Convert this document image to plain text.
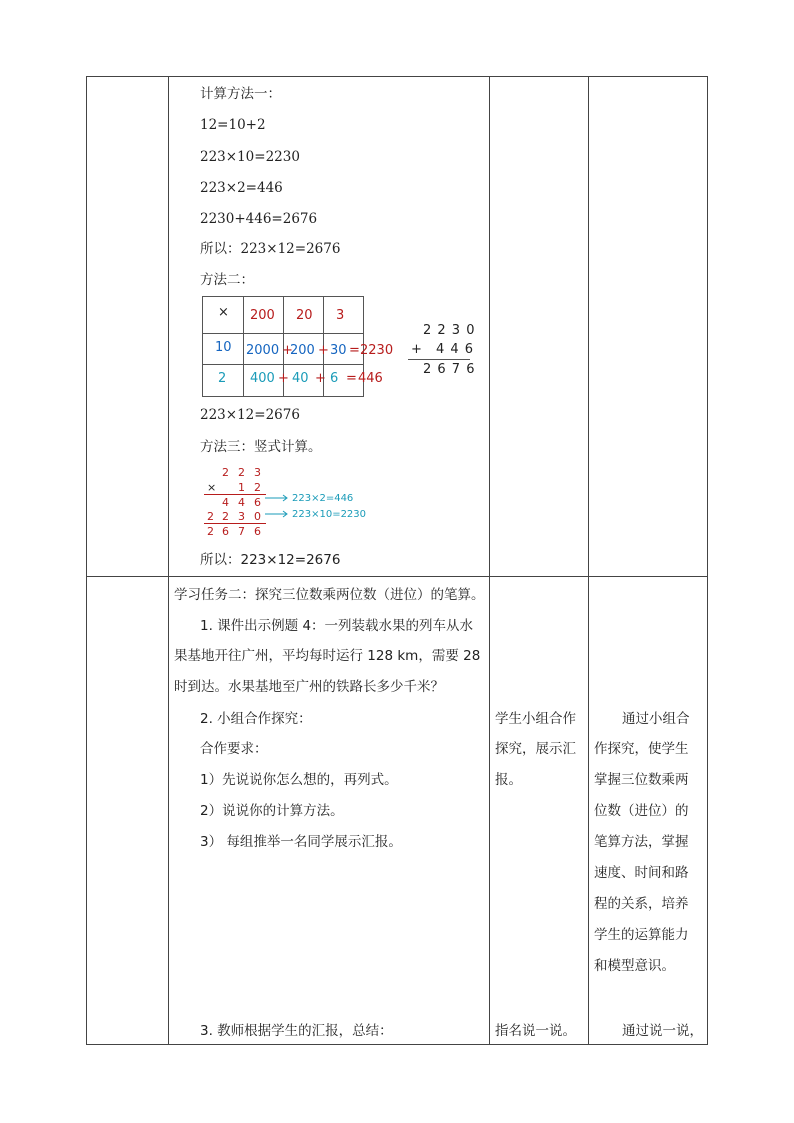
计算方法一：
12=10+2
223×10=2230
223×2=446
2230+446=2676
所以：223×12=2676
方法二：
× 200 20 3
10 2000 +
200 + 30 = 2230
2 400 + 40 + 6 = 446
2 2 3 0
+ 4 4 6
2 6 7 6
223×12=2676
方法三：竖式计算。
2 2 3
× 1 2
4 4 6
2 2 3 0
2 6 7 6
223×2=446
223×10=2230
所以：223×12=2676
学习任务二：探究三位数乘两位数（进位）的笔算。
1. 课件出示例题 4：一列装载水果的列车从水
果基地开往广州，平均每时运行 128 km，需要 28
时到达。水果基地至广州的铁路长多少千米？
2. 小组合作探究：
合作要求：
1）先说说你怎么想的，再列式。
2）说说你的计算方法。
3） 每组推举一名同学展示汇报。
3. 教师根据学生的汇报，总结：
学生小组合作
探究，展示汇
报。
指名说一说。
通过小组合
作探究，使学生
掌握三位数乘两
位数（进位）的
笔算方法，掌握
速度、时间和路
程的关系，培养
学生的运算能力
和模型意识。
通过说一说，
